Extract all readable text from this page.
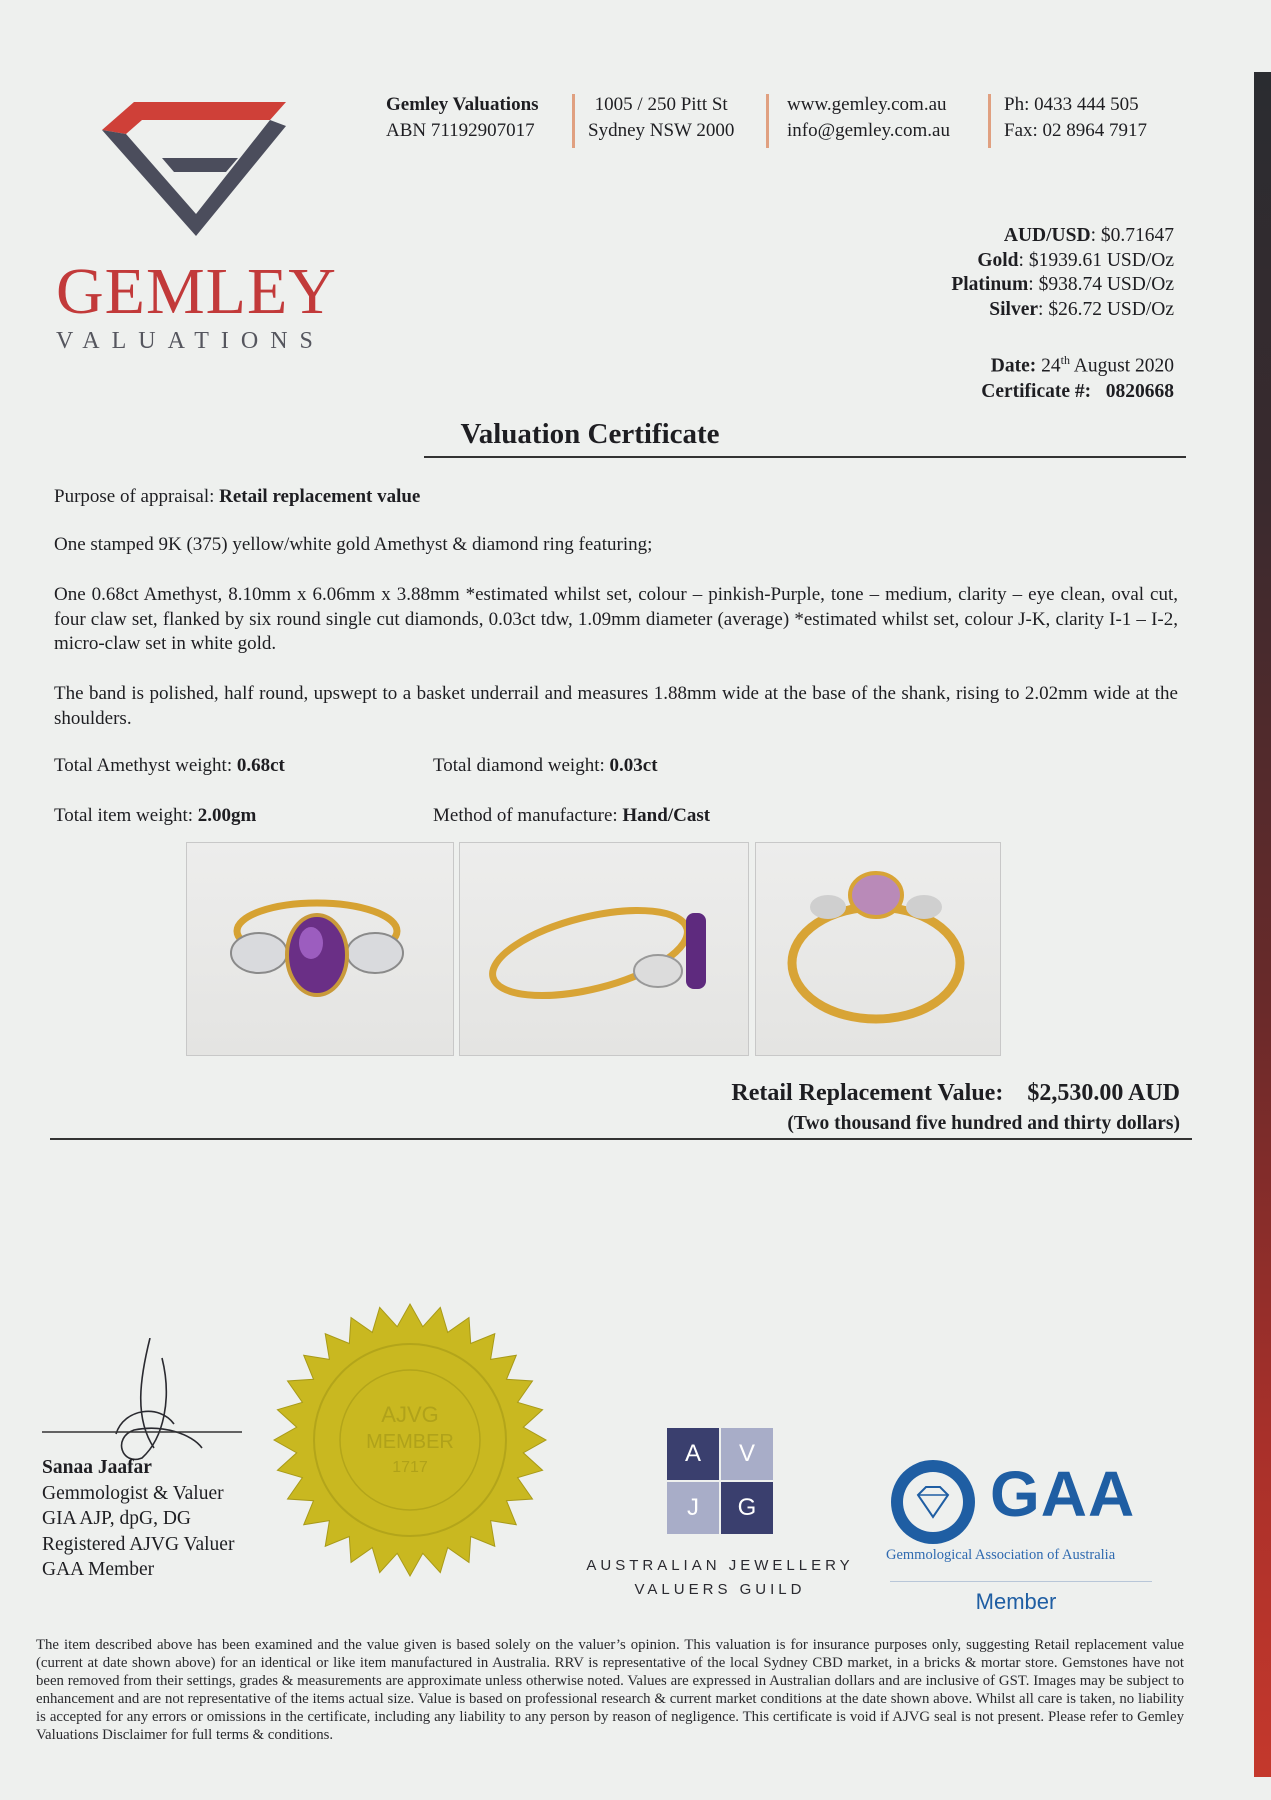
GEMLEY
VALUATIONS
Gemley Valuations
ABN 71192907017
1005 / 250 Pitt St
Sydney NSW 2000
www.gemley.com.au
info@gemley.com.au
Ph: 0433 444 505
Fax: 02 8964 7917
AUD/USD: $0.71647
Gold: $1939.61 USD/Oz
Platinum: $938.74 USD/Oz
Silver: $26.72 USD/Oz
Date: 24th August 2020
Certificate #: 0820668
Valuation Certificate
Purpose of appraisal: Retail replacement value
One stamped 9K (375) yellow/white gold Amethyst & diamond ring featuring;
One 0.68ct Amethyst, 8.10mm x 6.06mm x 3.88mm *estimated whilst set, colour – pinkish-Purple, tone – medium, clarity – eye clean, oval cut, four claw set, flanked by six round single cut diamonds, 0.03ct tdw, 1.09mm diameter (average) *estimated whilst set, colour J-K, clarity I-1 – I-2, micro-claw set in white gold.
The band is polished, half round, upswept to a basket underrail and measures 1.88mm wide at the base of the shank, rising to 2.02mm wide at the shoulders.
Total Amethyst weight: 0.68ct	Total diamond weight: 0.03ct
Total item weight: 2.00gm	Method of manufacture: Hand/Cast
Retail Replacement Value: $2,530.00 AUD
(Two thousand five hundred and thirty dollars)
Sanaa Jaafar
Gemmologist & Valuer
GIA AJP, dpG, DG
Registered AJVG Valuer
GAA Member
AJVG
MEMBER
1717
A	V
J	G
AUSTRALIAN JEWELLERY
VALUERS GUILD
GAA
Gemmological Association of Australia
Member
The item described above has been examined and the value given is based solely on the valuer’s opinion. This valuation is for insurance purposes only, suggesting Retail replacement value (current at date shown above) for an identical or like item manufactured in Australia. RRV is representative of the local Sydney CBD market, in a bricks & mortar store. Gemstones have not been removed from their settings, grades & measurements are approximate unless otherwise noted. Values are expressed in Australian dollars and are inclusive of GST. Images may be subject to enhancement and are not representative of the items actual size. Value is based on professional research & current market conditions at the date shown above. Whilst all care is taken, no liability is accepted for any errors or omissions in the certificate, including any liability to any person by reason of negligence. This certificate is void if AJVG seal is not present. Please refer to Gemley Valuations Disclaimer for full terms & conditions.
